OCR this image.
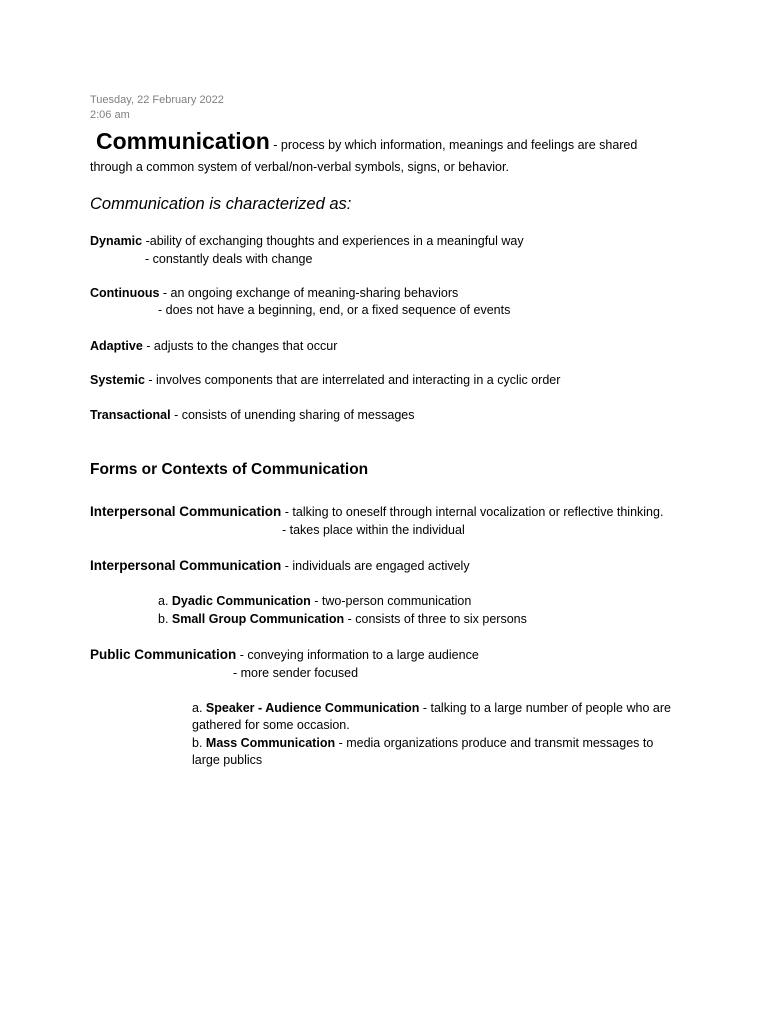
Tuesday, 22 February 2022
2:06 am
Communication - process by which information, meanings and feelings are shared
through a common system of verbal/non-verbal symbols, signs, or behavior.
Communication is characterized as:
Dynamic -ability of exchanging thoughts and experiences in a meaningful way
- constantly deals with change
Continuous - an ongoing exchange of meaning-sharing behaviors
- does not have a beginning, end, or a fixed sequence of events
Adaptive - adjusts to the changes that occur
Systemic - involves components that are interrelated and interacting in a cyclic order
Transactional - consists of unending sharing of messages
Forms or Contexts of Communication
Interpersonal Communication - talking to oneself through internal vocalization or reflective thinking.
- takes place within the individual
Interpersonal Communication - individuals are engaged actively
a. Dyadic Communication - two-person communication
b. Small Group Communication - consists of three to six persons
Public Communication - conveying information to a large audience
- more sender focused
a. Speaker - Audience Communication - talking to a large number of people who are gathered for some occasion.
b. Mass Communication - media organizations produce and transmit messages to large publics
